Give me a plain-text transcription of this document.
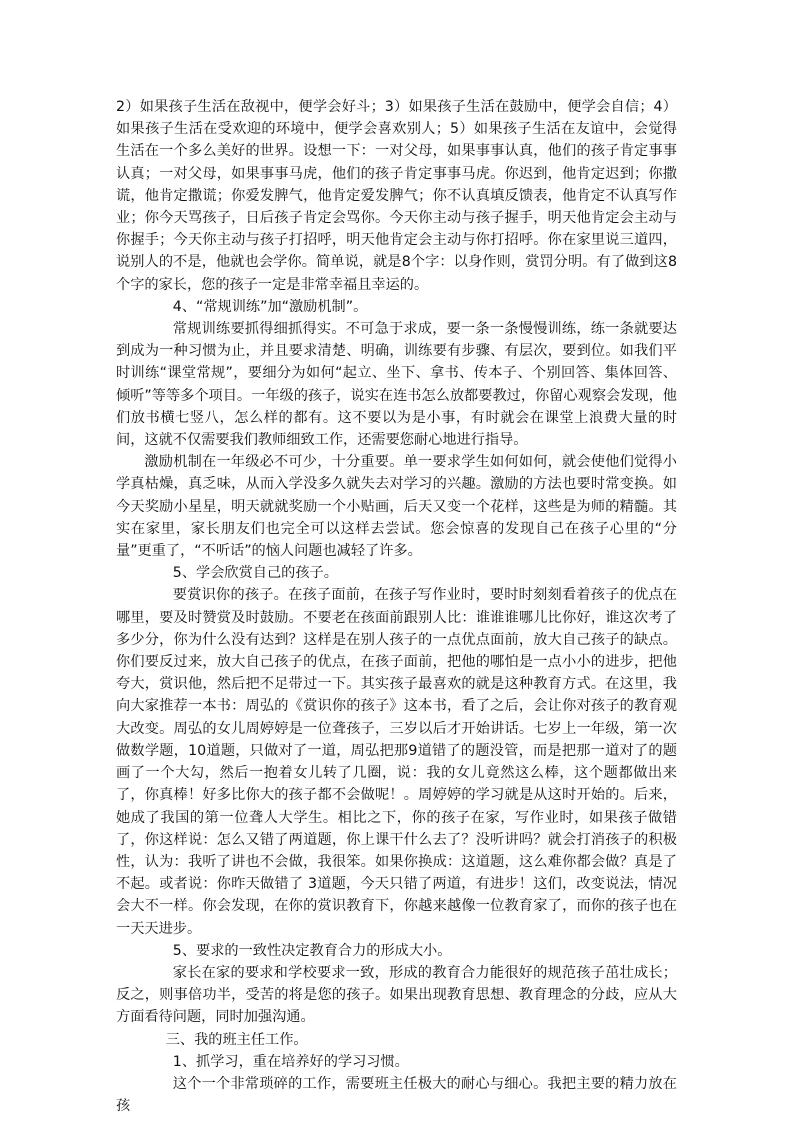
2）如果孩子生活在敌视中，便学会好斗；3）如果孩子生活在鼓励中，便学会自信；4）如果孩子生活在受欢迎的环境中，便学会喜欢别人；5）如果孩子生活在友谊中，会觉得生活在一个多么美好的世界。设想一下：一对父母，如果事事认真，他们的孩子肯定事事认真；一对父母，如果事事马虎，他们的孩子肯定事事马虎。你迟到，他肯定迟到；你撒谎，他肯定撒谎；你爱发脾气，他肯定爱发脾气；你不认真填反馈表，他肯定不认真写作业；你今天骂孩子，日后孩子肯定会骂你。今天你主动与孩子握手，明天他肯定会主动与你握手；今天你主动与孩子打招呼，明天他肯定会主动与你打招呼。你在家里说三道四，说别人的不是，他就也会学你。简单说，就是8个字：以身作则，赏罚分明。有了做到这8个字的家长，您的孩子一定是非常幸福且幸运的。

4、“常规训练”加“激励机制”。

常规训练要抓得细抓得实。不可急于求成，要一条一条慢慢训练，练一条就要达到成为一种习惯为止，并且要求清楚、明确，训练要有步骤、有层次，要到位。如我们平时训练“课堂常规”，要细分为如何“起立、坐下、拿书、传本子、个别回答、集体回答、倾听”等等多个项目。一年级的孩子，说实在连书怎么放都要教过，你留心观察会发现，他们放书横七竖八，怎么样的都有。这不要以为是小事，有时就会在课堂上浪费大量的时间，这就不仅需要我们教师细致工作，还需要您耐心地进行指导。

激励机制在一年级必不可少，十分重要。单一要求学生如何如何，就会使他们觉得小学真枯燥，真乏味，从而入学没多久就失去对学习的兴趣。激励的方法也要时常变换。如今天奖励小星星，明天就就奖励一个小贴画，后天又变一个花样，这些是为师的精髓。其实在家里，家长朋友们也完全可以这样去尝试。您会惊喜的发现自己在孩子心里的“分量”更重了，“不听话”的恼人问题也减轻了许多。

5、学会欣赏自己的孩子。

要赏识你的孩子。在孩子面前，在孩子写作业时，要时时刻刻看着孩子的优点在哪里，要及时赞赏及时鼓励。不要老在孩面前跟别人比：谁谁谁哪儿比你好，谁这次考了多少分，你为什么没有达到？这样是在别人孩子的一点优点面前，放大自己孩子的缺点。你们要反过来，放大自己孩子的优点，在孩子面前，把他的哪怕是一点小小的进步，把他夸大，赏识他，然后把不足带过一下。其实孩子最喜欢的就是这种教育方式。在这里，我向大家推荐一本书：周弘的《赏识你的孩子》这本书，看了之后，会让你对孩子的教育观大改变。周弘的女儿周婷婷是一位聋孩子，三岁以后才开始讲话。七岁上一年级，第一次做数学题，10道题，只做对了一道，周弘把那9道错了的题没管，而是把那一道对了的题画了一个大勾，然后一抱着女儿转了几圈，说：我的女儿竟然这么棒，这个题都做出来了，你真棒！好多比你大的孩子都不会做呢！。周婷婷的学习就是从这时开始的。后来，她成了我国的第一位聋人大学生。相比之下，你的孩子在家，写作业时，如果孩子做错了，你这样说：怎么又错了两道题，你上课干什么去了？没听讲吗？就会打消孩子的积极性，认为：我听了讲也不会做，我很笨。如果你换成：这道题，这么难你都会做？真是了不起。或者说：你昨天做错了 3道题，今天只错了两道，有进步！这们，改变说法，情况会大不一样。你会发现，在你的赏识教育下，你越来越像一位教育家了，而你的孩子也在一天天进步。

5、要求的一致性决定教育合力的形成大小。

家长在家的要求和学校要求一致，形成的教育合力能很好的规范孩子茁壮成长；反之，则事倍功半，受苦的将是您的孩子。如果出现教育思想、教育理念的分歧，应从大方面看待问题，同时加强沟通。

三、我的班主任工作。

1、抓学习，重在培养好的学习习惯。

这个一个非常琐碎的工作，需要班主任极大的耐心与细心。我把主要的精力放在孩
